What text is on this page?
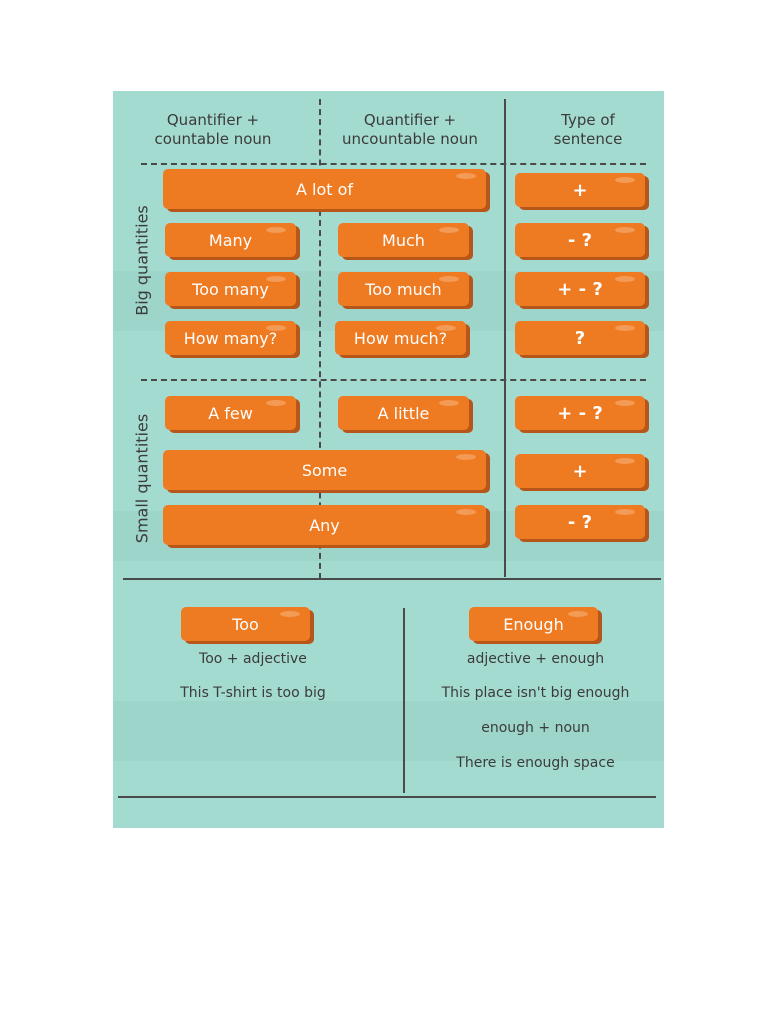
Quantifier +
countable noun
Quantifier +
uncountable noun
Type of
sentence
Big quantities
Small quantities
A lot of	+
Many	Much	- ?
Too many	Too much	+ - ?
How many?	How much?	?
A few	A little	+ - ?
Some	+
Any	- ?
Too
Too + adjective
This T-shirt is too big
Enough
adjective + enough
This place isn't big enough
enough + noun
There is enough space
